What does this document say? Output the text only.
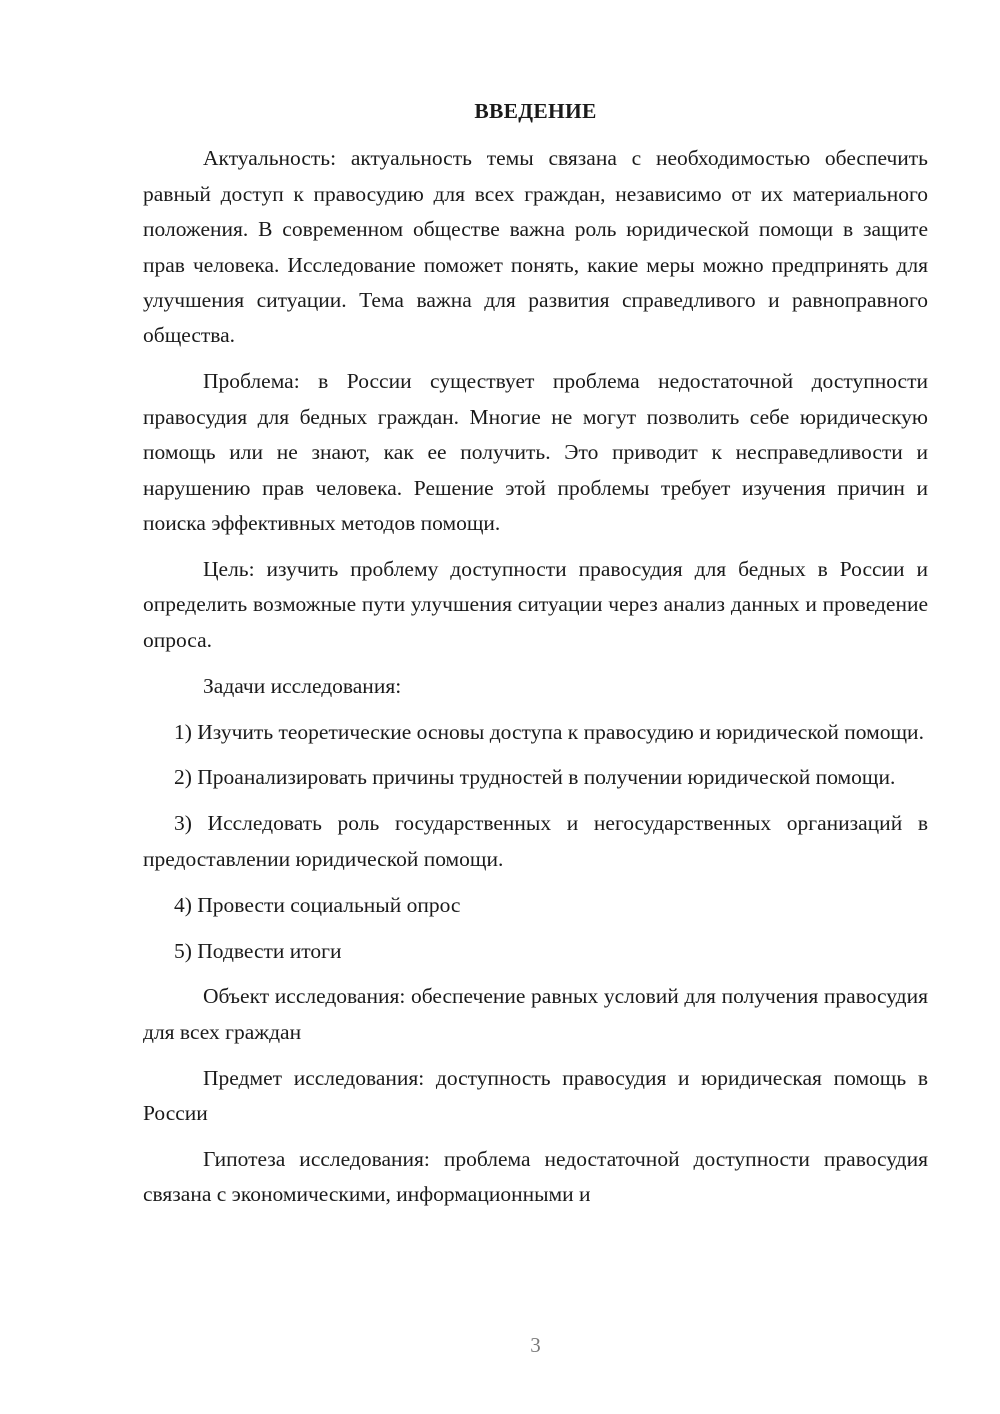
ВВЕДЕНИЕ

Актуальность: актуальность темы связана с необходимостью обеспечить равный доступ к правосудию для всех граждан, независимо от их материального положения. В современном обществе важна роль юридической помощи в защите прав человека. Исследование поможет понять, какие меры можно предпринять для улучшения ситуации. Тема важна для развития справедливого и равноправного общества.

Проблема: в России существует проблема недостаточной доступности правосудия для бедных граждан. Многие не могут позволить себе юридическую помощь или не знают, как ее получить. Это приводит к несправедливости и нарушению прав человека. Решение этой проблемы требует изучения причин и поиска эффективных методов помощи.

Цель: изучить проблему доступности правосудия для бедных в России и определить возможные пути улучшения ситуации через анализ данных и проведение опроса.

Задачи исследования:

1) Изучить теоретические основы доступа к правосудию и юридической помощи.

2) Проанализировать причины трудностей в получении юридической помощи.

3) Исследовать роль государственных и негосударственных организаций в предоставлении юридической помощи.

4) Провести социальный опрос

5) Подвести итоги

Объект исследования: обеспечение равных условий для получения правосудия для всех граждан

Предмет исследования: доступность правосудия и юридическая помощь в России

Гипотеза исследования: проблема недостаточной доступности правосудия связана с экономическими, информационными и

3
